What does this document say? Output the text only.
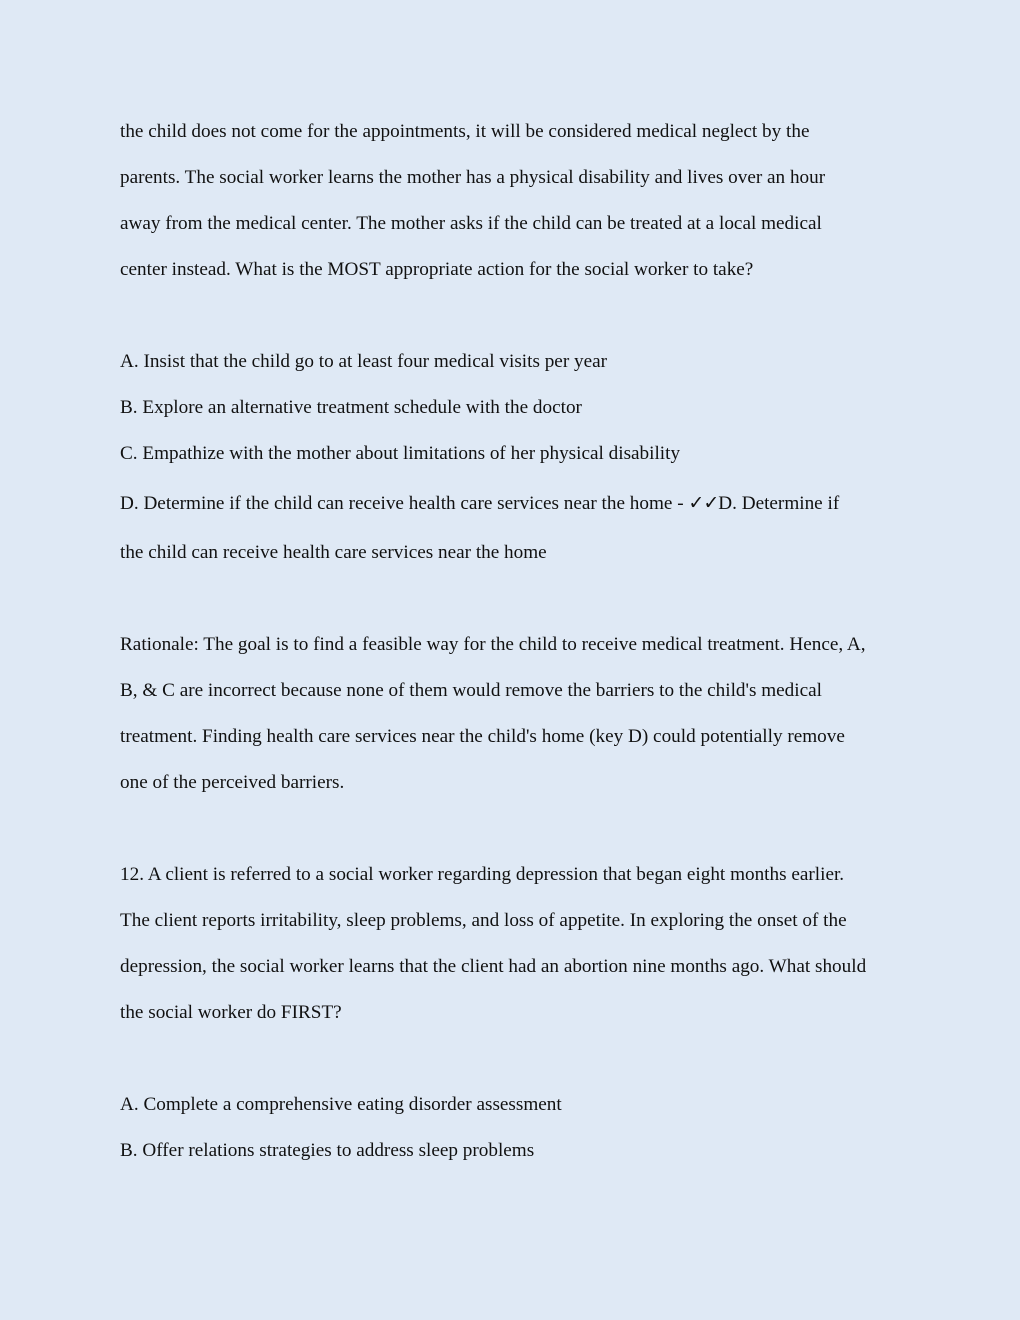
the child does not come for the appointments, it will be considered medical neglect by the
parents. The social worker learns the mother has a physical disability and lives over an hour
away from the medical center. The mother asks if the child can be treated at a local medical
center instead. What is the MOST appropriate action for the social worker to take?
A. Insist that the child go to at least four medical visits per year
B. Explore an alternative treatment schedule with the doctor
C. Empathize with the mother about limitations of her physical disability
D. Determine if the child can receive health care services near the home - ✓✓D. Determine if
the child can receive health care services near the home
Rationale: The goal is to find a feasible way for the child to receive medical treatment. Hence, A,
B, & C are incorrect because none of them would remove the barriers to the child's medical
treatment. Finding health care services near the child's home (key D) could potentially remove
one of the perceived barriers.
12. A client is referred to a social worker regarding depression that began eight months earlier.
The client reports irritability, sleep problems, and loss of appetite. In exploring the onset of the
depression, the social worker learns that the client had an abortion nine months ago. What should
the social worker do FIRST?
A. Complete a comprehensive eating disorder assessment
B. Offer relations strategies to address sleep problems
